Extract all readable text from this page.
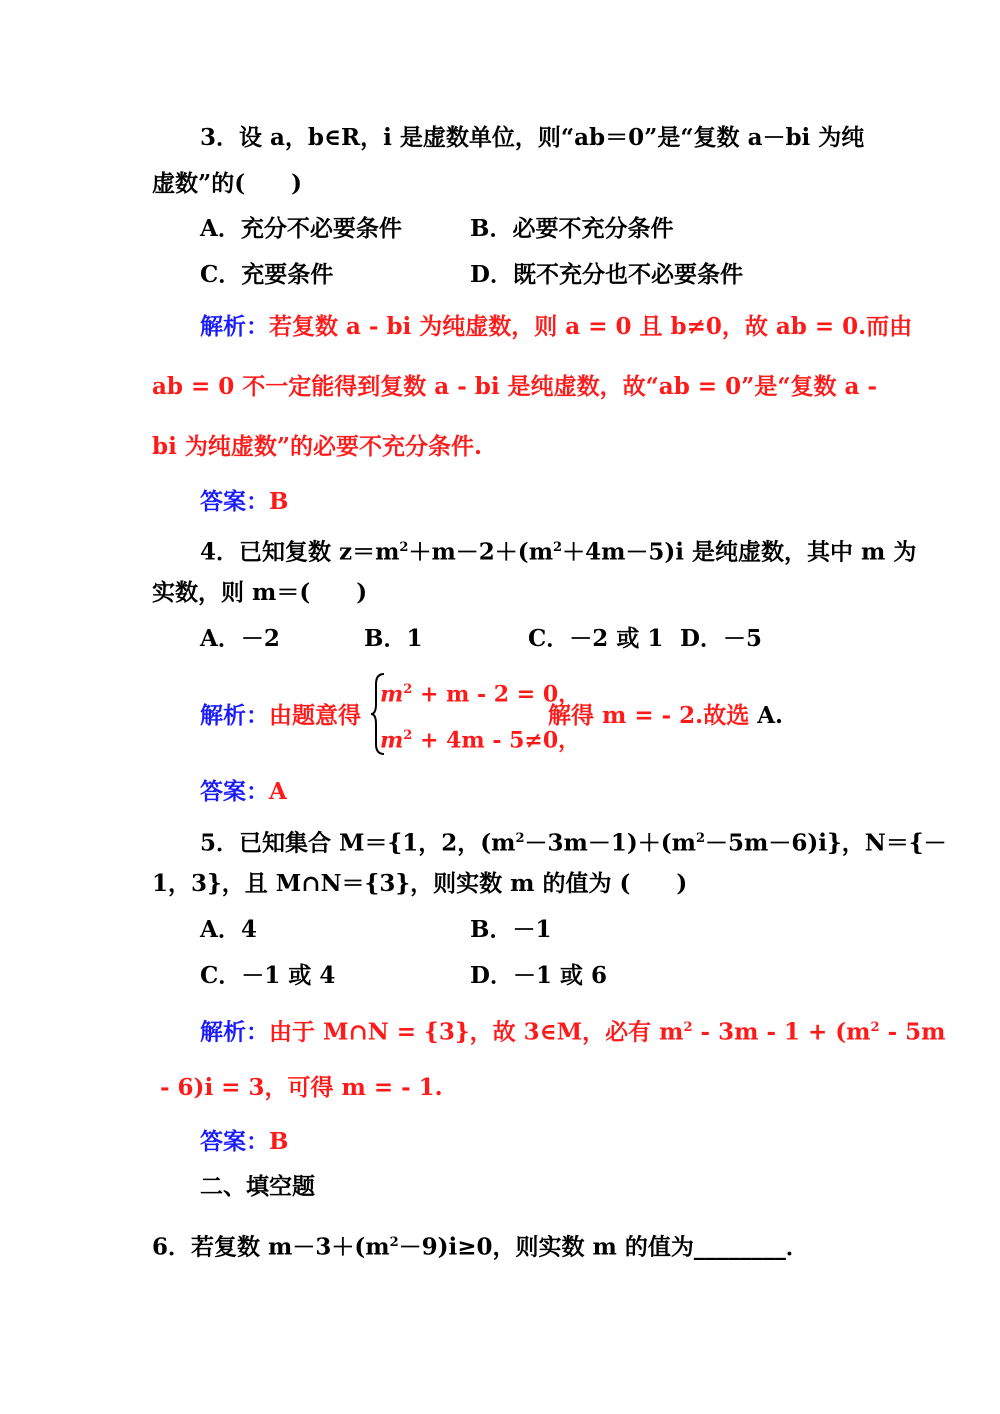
3．设 a，b∈R，i 是虚数单位，则“ab＝0”是“复数 a－bi 为纯
虚数”的(　　)
A．充分不必要条件	B．必要不充分条件
C．充要条件	D．既不充分也不必要条件
解析：若复数 a - bi 为纯虚数，则 a = 0 且 b≠0，故 ab = 0.而由
ab = 0 不一定能得到复数 a - bi 是纯虚数，故“ab = 0”是“复数 a -
bi 为纯虚数”的必要不充分条件.
答案：B
4．已知复数 $z=m^2+m-2+(m^2+4m-5)i$ 是纯虚数，其中 m 为
实数，则 m＝(　　)
A．－2	B．1	C．－2 或 1 D．－5
解析：由题意得
$m^2 + m - 2 = 0$，
$m^2 + 4m - 5\ne 0$，
解得 m = - 2.故选 A.
答案：A
5．已知集合 M＝{1，2，$(m^2-3m-1)+(m^2-5m-6)i$}，N＝{－
1，3}，且 M∩N＝{3}，则实数 m 的值为 (　　)
A．4	B．－1
C．－1 或 4	D．－1 或 6
解析：由于 M∩N = {3}，故 3∈M，必有 $m^2 - 3m - 1 + (m^2 - 5m$
- 6)i = 3，可得 m = - 1.
答案：B
二、填空题
6．若复数 $m-3+(m^2-9)i\ge 0$，则实数 m 的值为________．
